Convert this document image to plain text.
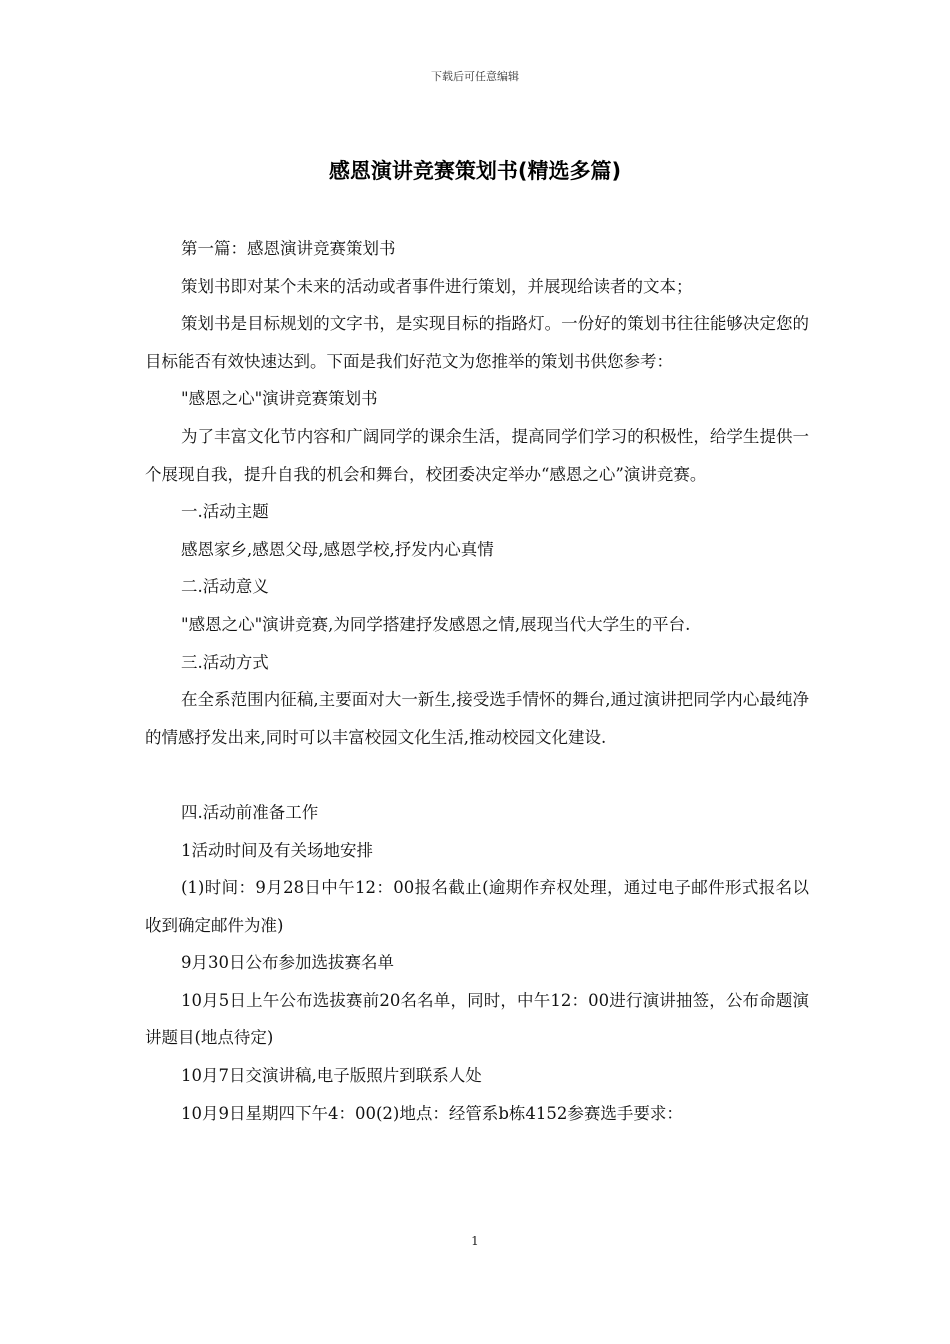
下载后可任意编辑
感恩演讲竞赛策划书(精选多篇)

第一篇：感恩演讲竞赛策划书

策划书即对某个未来的活动或者事件进行策划，并展现给读者的文本；

策划书是目标规划的文字书，是实现目标的指路灯。一份好的策划书往往能够决定您的目标能否有效快速达到。下面是我们好范文为您推举的策划书供您参考：

"感恩之心"演讲竞赛策划书

为了丰富文化节内容和广阔同学的课余生活，提高同学们学习的积极性，给学生提供一个展现自我，提升自我的机会和舞台，校团委决定举办“感恩之心”演讲竞赛。

一.活动主题

感恩家乡,感恩父母,感恩学校,抒发内心真情

二.活动意义

"感恩之心"演讲竞赛,为同学搭建抒发感恩之情,展现当代大学生的平台.

三.活动方式

在全系范围内征稿,主要面对大一新生,接受选手情怀的舞台,通过演讲把同学内心最纯净的情感抒发出来,同时可以丰富校园文化生活,推动校园文化建设.

四.活动前准备工作

1活动时间及有关场地安排

(1)时间：9月28日中午12：00报名截止(逾期作弃权处理，通过电子邮件形式报名以收到确定邮件为准)

9月30日公布参加选拔赛名单

10月5日上午公布选拔赛前20名名单，同时，中午12：00进行演讲抽签，公布命题演讲题目(地点待定)

10月7日交演讲稿,电子版照片到联系人处

10月9日星期四下午4：00(2)地点：经管系b栋4152参赛选手要求：

1
